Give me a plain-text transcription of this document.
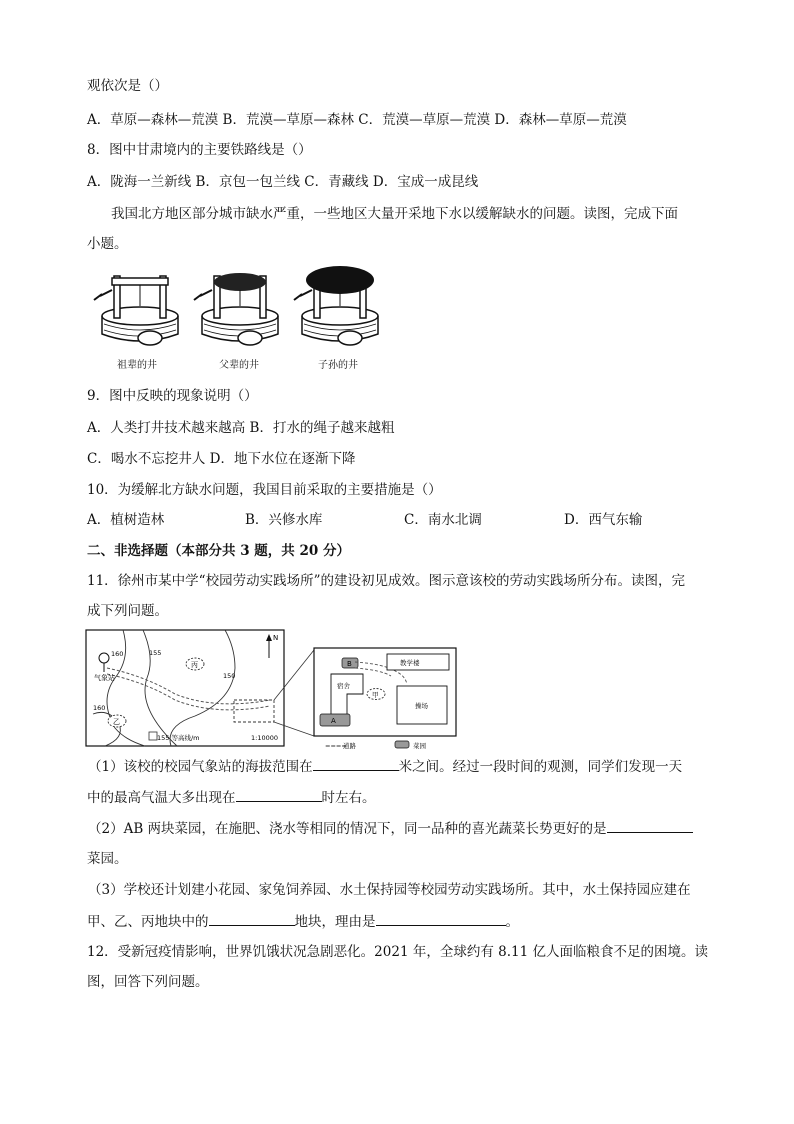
观依次是（）
A．草原—森林—荒漠 B．荒漠—草原—森林 C．荒漠—草原—荒漠 D．森林—草原—荒漠
8．图中甘肃境内的主要铁路线是（）
A．陇海一兰新线 B．京包一包兰线 C．青藏线 D．宝成一成昆线
我国北方地区部分城市缺水严重，一些地区大量开采地下水以缓解缺水的问题。读图，完成下面
小题。
祖辈的井	父辈的井	子孙的井
9．图中反映的现象说明（）
A．人类打井技术越来越高 B．打水的绳子越来越粗
C．喝水不忘挖井人 D．地下水位在逐渐下降
10．为缓解北方缺水问题，我国目前采取的主要措施是（）
A．植树造林	B．兴修水库	C．南水北调	D．西气东输
二、非选择题（本部分共 3 题，共 20 分）
11．徐州市某中学“校园劳动实践场所”的建设初见成效。图示意该校的劳动实践场所分布。读图，完
成下列问题。
气象站
160	155
150
160
丙
乙
N
155 等高线/m	1:10000
====
道路	菜园
B
宿舍
A
甲
教学楼
操场
（1）该校的校园气象站的海拔范围在	米之间。经过一段时间的观测，同学们发现一天
中的最高气温大多出现在	时左右。
（2）AB 两块菜园，在施肥、浇水等相同的情况下，同一品种的喜光蔬菜长势更好的是
菜园。
（3）学校还计划建小花园、家兔饲养园、水土保持园等校园劳动实践场所。其中，水土保持园应建在
甲、乙、丙地块中的	地块，理由是	。
12．受新冠疫情影响，世界饥饿状况急剧恶化。2021 年，全球约有 8.11 亿人面临粮食不足的困境。读
图，回答下列问题。
